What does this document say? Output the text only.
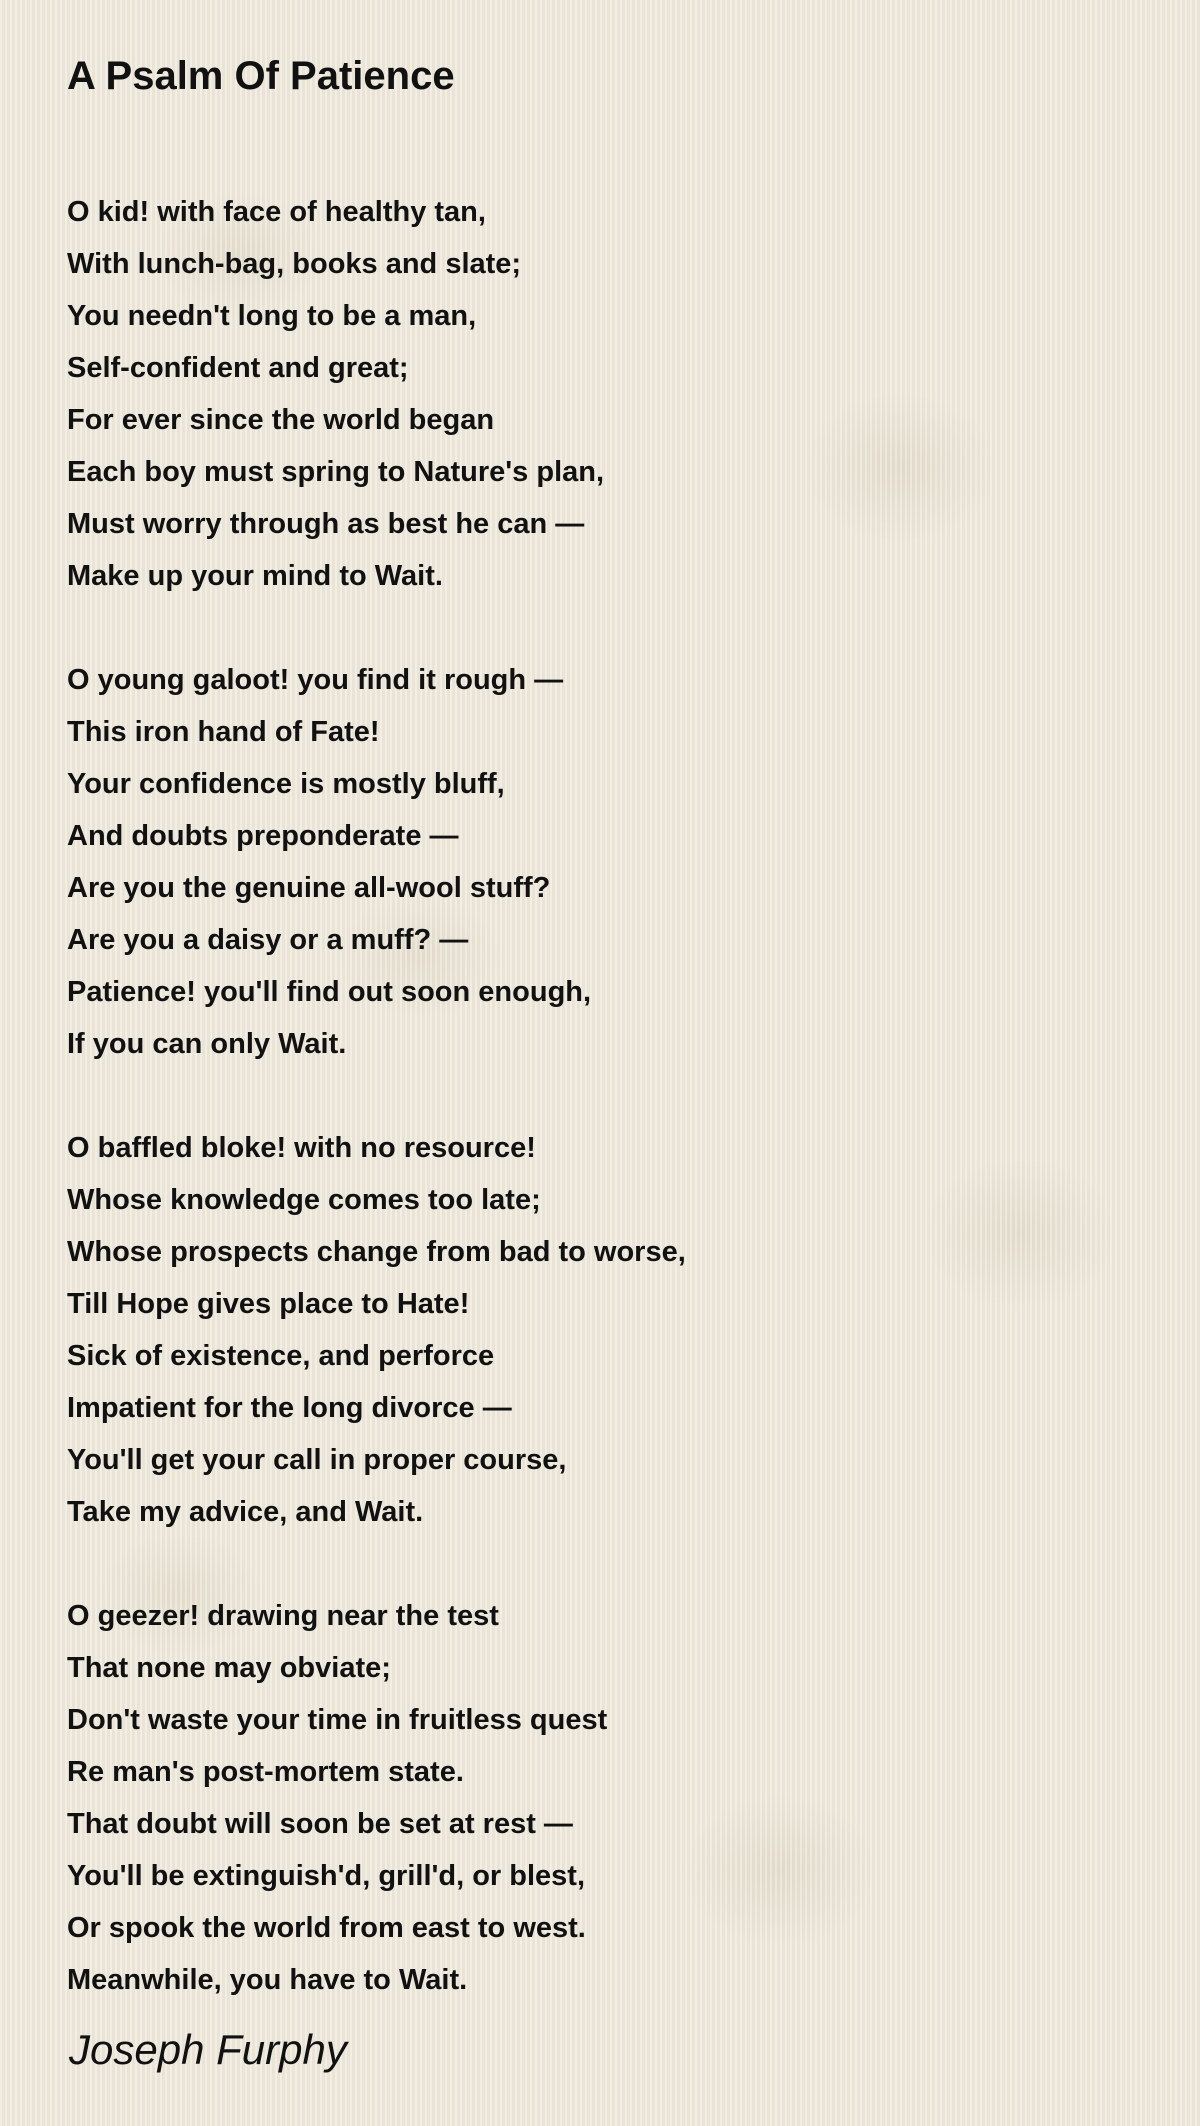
A Psalm Of Patience
O kid! with face of healthy tan,
With lunch-bag, books and slate;
You needn't long to be a man,
Self-confident and great;
For ever since the world began
Each boy must spring to Nature's plan,
Must worry through as best he can —
Make up your mind to Wait.
O young galoot! you find it rough —
This iron hand of Fate!
Your confidence is mostly bluff,
And doubts preponderate —
Are you the genuine all-wool stuff?
Are you a daisy or a muff? —
Patience! you'll find out soon enough,
If you can only Wait.
O baffled bloke! with no resource!
Whose knowledge comes too late;
Whose prospects change from bad to worse,
Till Hope gives place to Hate!
Sick of existence, and perforce
Impatient for the long divorce —
You'll get your call in proper course,
Take my advice, and Wait.
O geezer! drawing near the test
That none may obviate;
Don't waste your time in fruitless quest
Re man's post-mortem state.
That doubt will soon be set at rest —
You'll be extinguish'd, grill'd, or blest,
Or spook the world from east to west.
Meanwhile, you have to Wait.
Joseph Furphy
